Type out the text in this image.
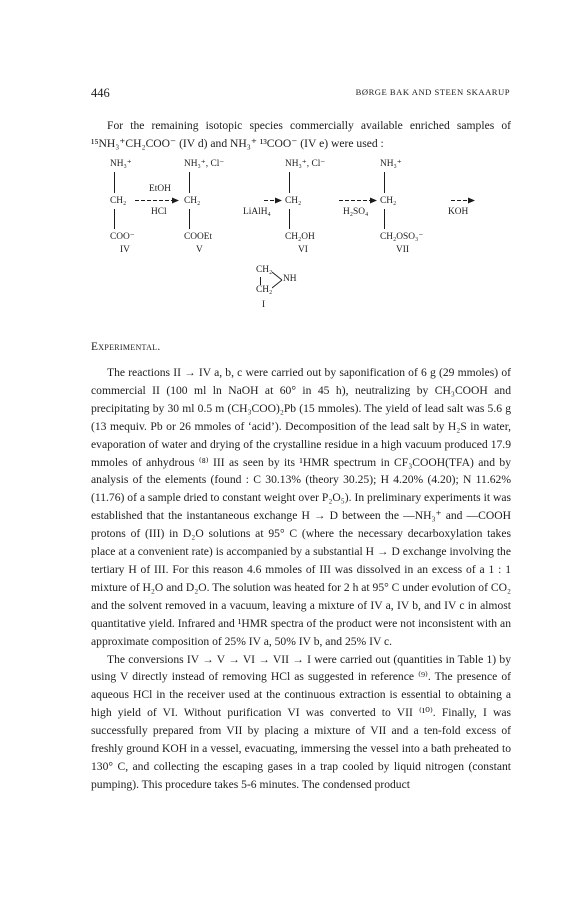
446	BØRGE BAK AND STEEN SKAARUP

For the remaining isotopic species commercially available enriched samples of ¹⁵NH₃⁺CH₂COO⁻ (IV d) and NH₃⁺ ¹³COO⁻ (IV e) were used :

NH₃⁺
CH₂
COO⁻
IV
EtOH
HCl
NH₃⁺, Cl⁻
CH₂
COOEt
V
LiAlH₄
NH₃⁺, Cl⁻
CH₂
CH₂OH
VI
H₂SO₄
NH₃⁺
CH₂
CH₂OSO₃⁻
VII
KOH
CH₂
NH
CH₂
I
Experimental.

The reactions II → IV a, b, c were carried out by saponification of 6 g (29 mmoles) of commercial II (100 ml ln NaOH at 60° in 45 h), neutralizing by CH₃COOH and precipitating by 30 ml 0.5 m (CH₃COO)₂Pb (15 mmoles). The yield of lead salt was 5.6 g (13 mequiv. Pb or 26 mmoles of ‘acid’). Decomposition of the lead salt by H₂S in water, evaporation of water and drying of the crystalline residue in a high vacuum produced 17.9 mmoles of anhydrous ⁽⁸⁾ III as seen by its ¹HMR spectrum in CF₃COOH(TFA) and by analysis of the elements (found : C 30.13% (theory 30.25); H 4.20% (4.20); N 11.62% (11.76) of a sample dried to constant weight over P₂O₅). In preliminary experiments it was established that the instantaneous exchange H → D between the —NH₃⁺ and —COOH protons of (III) in D₂O solutions at 95° C (where the necessary decarboxylation takes place at a convenient rate) is accompanied by a substantial H → D exchange involving the tertiary H of III. For this reason 4.6 mmoles of III was dissolved in an excess of a 1 : 1 mixture of H₂O and D₂O. The solution was heated for 2 h at 95° C under evolution of CO₂ and the solvent removed in a vacuum, leaving a mixture of IV a, IV b, and IV c in almost quantitative yield. Infrared and ¹HMR spectra of the product were not inconsistent with an approximate composition of 25% IV a, 50% IV b, and 25% IV c.

The conversions IV → V → VI → VII → I were carried out (quantities in Table 1) by using V directly instead of removing HCl as suggested in reference ⁽⁹⁾. The presence of aqueous HCl in the receiver used at the continuous extraction is essential to obtaining a high yield of VI. Without purification VI was converted to VII ⁽¹⁰⁾. Finally, I was successfully prepared from VII by placing a mixture of VII and a ten-fold excess of freshly ground KOH in a vessel, evacuating, immersing the vessel into a bath preheated to 130° C, and collecting the escaping gases in a trap cooled by liquid nitrogen (constant pumping). This procedure takes 5-6 minutes. The condensed product
